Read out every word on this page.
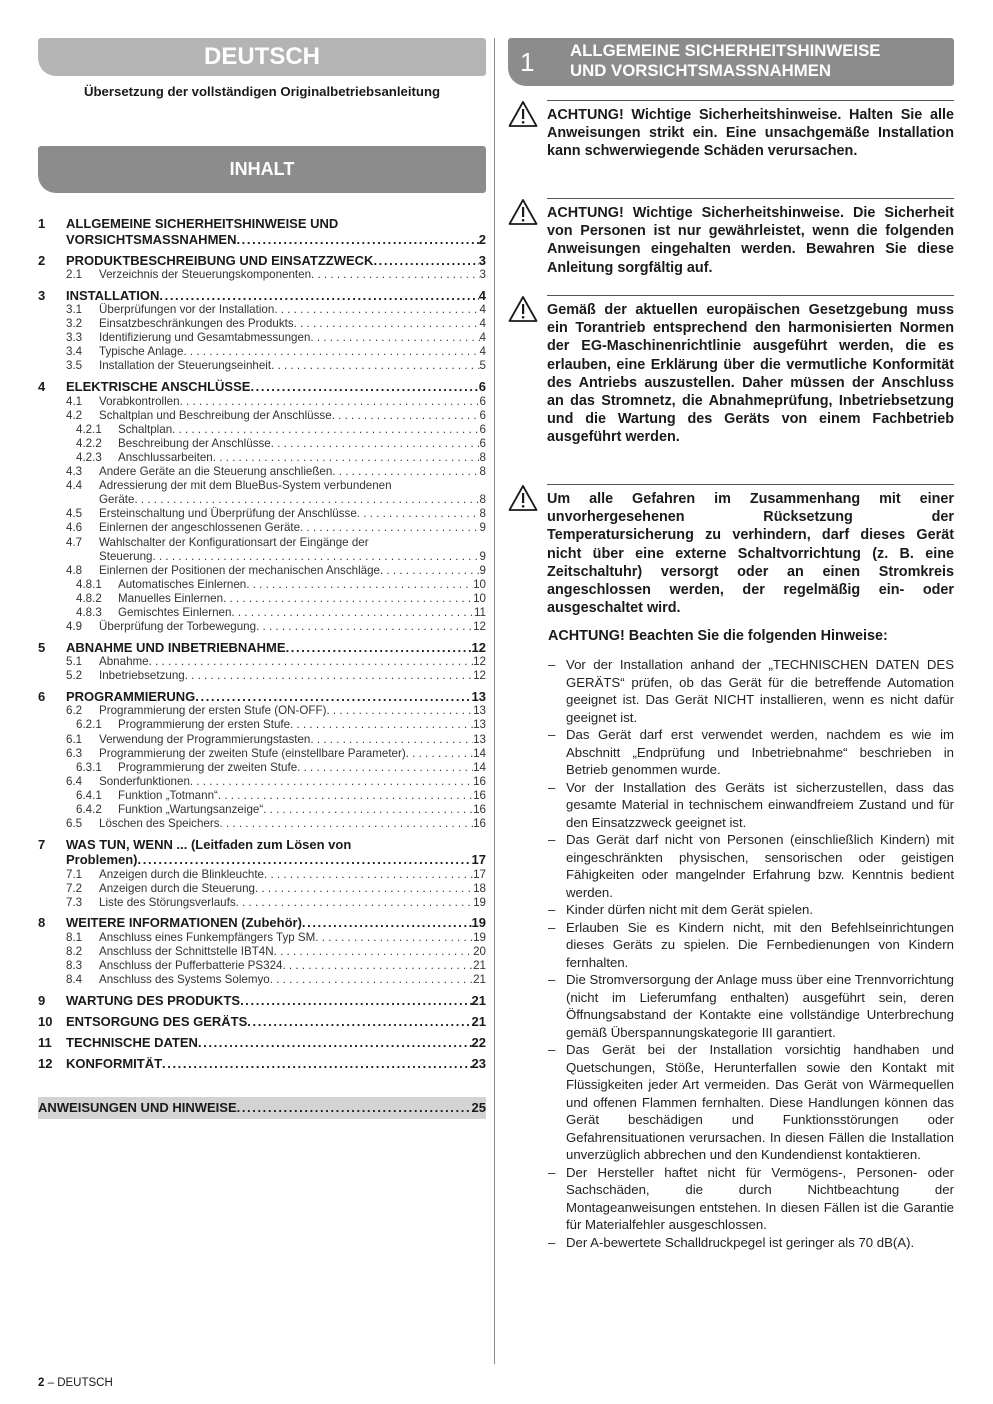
DEUTSCH
Übersetzung der vollständigen Originalbetriebsanleitung
INHALT
1	ALLGEMEINE SICHERHEITSHINWEISE UND
VORSICHTSMASSNAHMEN .....	2
2	PRODUKTBESCHREIBUNG UND EINSATZZWECK .....	3
2.1	Verzeichnis der Steuerungskomponenten . . .	3
3	INSTALLATION .....	4
3.1	Überprüfungen vor der Installation . . .	4
3.2	Einsatzbeschränkungen des Produkts . . .	4
3.3	Identifizierung und Gesamtabmessungen . . .	4
3.4	Typische Anlage . . .	4
3.5	Installation der Steuerungseinheit . . .	5
4	ELEKTRISCHE ANSCHLÜSSE .....	6
4.1	Vorabkontrollen . . .	6
4.2	Schaltplan und Beschreibung der Anschlüsse . . .	6
4.2.1	Schaltplan . . .	6
4.2.2	Beschreibung der Anschlüsse . . .	6
4.2.3	Anschlussarbeiten . . .	8
4.3	Andere Geräte an die Steuerung anschließen . . .	8
4.4	Adressierung der mit dem BlueBus-System verbundenen
Geräte . . .	8
4.5	Ersteinschaltung und Überprüfung der Anschlüsse . . .	8
4.6	Einlernen der angeschlossenen Geräte . . .	9
4.7	Wahlschalter der Konfigurationsart der Eingänge der
Steuerung . . .	9
4.8	Einlernen der Positionen der mechanischen Anschläge . . .	9
4.8.1	Automatisches Einlernen . . .	10
4.8.2	Manuelles Einlernen . . .	10
4.8.3	Gemischtes Einlernen . . .	11
4.9	Überprüfung der Torbewegung . . .	12
5	ABNAHME UND INBETRIEBNAHME .....	12
5.1	Abnahme . . .	12
5.2	Inbetriebsetzung . . .	12
6	PROGRAMMIERUNG .....	13
6.2	Programmierung der ersten Stufe (ON-OFF) . . .	13
6.2.1	Programmierung der ersten Stufe . . .	13
6.1	Verwendung der Programmierungstasten . . .	13
6.3	Programmierung der zweiten Stufe (einstellbare Parameter) . . .	14
6.3.1	Programmierung der zweiten Stufe . . .	14
6.4	Sonderfunktionen . . .	16
6.4.1	Funktion „Totmann“ . . .	16
6.4.2	Funktion „Wartungsanzeige“ . . .	16
6.5	Löschen des Speichers . . .	16
7	WAS TUN, WENN ... (Leitfaden zum Lösen von
Problemen) .....	17
7.1	Anzeigen durch die Blinkleuchte . . .	17
7.2	Anzeigen durch die Steuerung . . .	18
7.3	Liste des Störungsverlaufs . . .	19
8	WEITERE INFORMATIONEN (Zubehör) .....	19
8.1	Anschluss eines Funkempfängers Typ SM . . .	19
8.2	Anschluss der Schnittstelle IBT4N . . .	20
8.3	Anschluss der Pufferbatterie PS324 . . .	21
8.4	Anschluss des Systems Solemyo . . .	21
9	WARTUNG DES PRODUKTS .....	21
10	ENTSORGUNG DES GERÄTS .....	21
11	TECHNISCHE DATEN .....	22
12	KONFORMITÄT .....	23
ANWEISUNGEN UND HINWEISE .....	25
1 ALLGEMEINE SICHERHEITSHINWEISE
UND VORSICHTSMASSNAHMEN
ACHTUNG! Wichtige Sicherheitshinweise. Halten Sie alle Anweisungen strikt ein. Eine unsachgemäße Installation kann schwerwiegende Schäden verursachen.
ACHTUNG! Wichtige Sicherheitshinweise. Die Sicherheit von Personen ist nur gewährleistet, wenn die folgenden Anweisungen eingehalten werden. Bewahren Sie diese Anleitung sorgfältig auf.
Gemäß der aktuellen europäischen Gesetzgebung muss ein Torantrieb entsprechend den harmonisierten Normen der EG-Maschinenrichtlinie ausgeführt werden, die es erlauben, eine Erklärung über die vermutliche Konformität des Antriebs auszustellen. Daher müssen der Anschluss an das Stromnetz, die Abnahmeprüfung, Inbetriebsetzung und die Wartung des Geräts von einem Fachbetrieb ausgeführt werden.
Um alle Gefahren im Zusammenhang mit einer unvorhergesehenen Rücksetzung der Temperatursicherung zu verhindern, darf dieses Gerät nicht über eine externe Schaltvorrichtung (z. B. eine Zeitschaltuhr) versorgt oder an einen Stromkreis angeschlossen werden, der regelmäßig ein- oder ausgeschaltet wird.
ACHTUNG! Beachten Sie die folgenden Hinweise:
– Vor der Installation anhand der „TECHNISCHEN DATEN DES GERÄTS“ prüfen, ob das Gerät für die betreffende Automation geeignet ist. Das Gerät NICHT installieren, wenn es nicht dafür geeignet ist.
– Das Gerät darf erst verwendet werden, nachdem es wie im Abschnitt „Endprüfung und Inbetriebnahme“ beschrieben in Betrieb genommen wurde.
– Vor der Installation des Geräts ist sicherzustellen, dass das gesamte Material in technischem einwandfreiem Zustand und für den Einsatzzweck geeignet ist.
– Das Gerät darf nicht von Personen (einschließlich Kindern) mit eingeschränkten physischen, sensorischen oder geistigen Fähigkeiten oder mangelnder Erfahrung bzw. Kenntnis bedient werden.
– Kinder dürfen nicht mit dem Gerät spielen.
– Erlauben Sie es Kindern nicht, mit den Befehlseinrichtungen dieses Geräts zu spielen. Die Fernbedienungen von Kindern fernhalten.
– Die Stromversorgung der Anlage muss über eine Trennvorrichtung (nicht im Lieferumfang enthalten) ausgeführt sein, deren Öffnungsabstand der Kontakte eine vollständige Unterbrechung gemäß Überspannungskategorie III garantiert.
– Das Gerät bei der Installation vorsichtig handhaben und Quetschungen, Stöße, Herunterfallen sowie den Kontakt mit Flüssigkeiten jeder Art vermeiden. Das Gerät von Wärmequellen und offenen Flammen fernhalten. Diese Handlungen können das Gerät beschädigen und Funktionsstörungen oder Gefahrensituationen verursachen. In diesen Fällen die Installation unverzüglich abbrechen und den Kundendienst kontaktieren.
– Der Hersteller haftet nicht für Vermögens-, Personen- oder Sachschäden, die durch Nichtbeachtung der Montageanweisungen entstehen. In diesen Fällen ist die Garantie für Materialfehler ausgeschlossen.
– Der A-bewertete Schalldruckpegel ist geringer als 70 dB(A).
2 – DEUTSCH
